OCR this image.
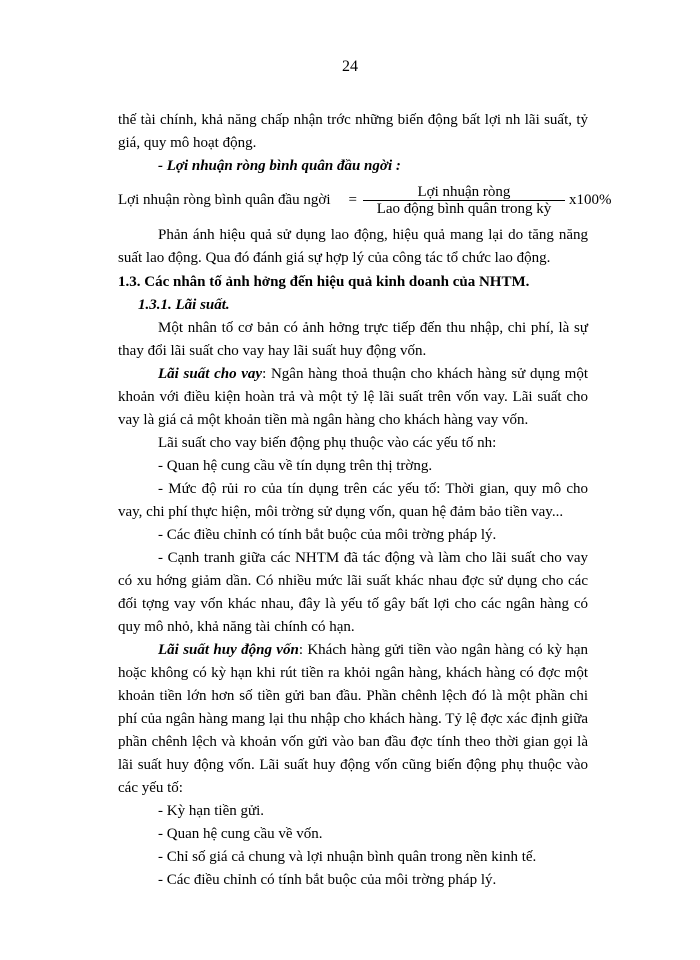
24

thế tài chính, khả năng chấp nhận trớc những biến động bất lợi nh lãi suất, tỷ giá, quy mô hoạt động.

- Lợi nhuận ròng bình quân đầu ngời :

Lợi nhuận ròng bình quân đầu ngời = $\frac{\text{Lợi nhuận ròng}}{\text{Lao động bình quân trong kỳ}} x100\%$

Phản ánh hiệu quả sử dụng lao động, hiệu quả mang lại do tăng năng suất lao động. Qua đó đánh giá sự hợp lý của công tác tổ chức lao động.

1.3. Các nhân tố ảnh hởng đến hiệu quả kinh doanh của NHTM.

1.3.1. Lãi suất.

Một nhân tố cơ bản có ảnh hởng trực tiếp đến thu nhập, chi phí, là sự thay đổi lãi suất cho vay hay lãi suất huy động vốn.

Lãi suất cho vay: Ngân hàng thoả thuận cho khách hàng sử dụng một khoản với điều kiện hoàn trả và một tỷ lệ lãi suất trên vốn vay. Lãi suất cho vay là giá cả một khoản tiền mà ngân hàng cho khách hàng vay vốn.

Lãi suất cho vay biến động phụ thuộc vào các yếu tố nh:

- Quan hệ cung cầu về tín dụng trên thị trờng.

- Mức độ rủi ro của tín dụng trên các yếu tố: Thời gian, quy mô cho vay, chi phí thực hiện, môi trờng sử dụng vốn, quan hệ đảm bảo tiền vay...

- Các điều chỉnh có tính bắt buộc của môi trờng pháp lý.

- Cạnh tranh giữa các NHTM đã tác động và làm cho lãi suất cho vay có xu hớng giảm dần. Có nhiều mức lãi suất khác nhau đợc sử dụng cho các đối tợng vay vốn khác nhau, đây là yếu tố gây bất lợi cho các ngân hàng có quy mô nhỏ, khả năng tài chính có hạn.

Lãi suất huy động vốn: Khách hàng gửi tiền vào ngân hàng có kỳ hạn hoặc không có kỳ hạn khi rút tiền ra khỏi ngân hàng, khách hàng có đợc một khoản tiền lớn hơn số tiền gửi ban đầu. Phần chênh lệch đó là một phần chi phí của ngân hàng mang lại thu nhập cho khách hàng. Tỷ lệ đợc xác định giữa phần chênh lệch và khoản vốn gửi vào ban đầu đợc tính theo thời gian gọi là lãi suất huy động vốn. Lãi suất huy động vốn cũng biến động phụ thuộc vào các yếu tố:

- Kỳ hạn tiền gửi.

- Quan hệ cung cầu về vốn.

- Chỉ số giá cả chung và lợi nhuận bình quân trong nền kinh tế.

- Các điều chỉnh có tính bắt buộc của môi trờng pháp lý.
